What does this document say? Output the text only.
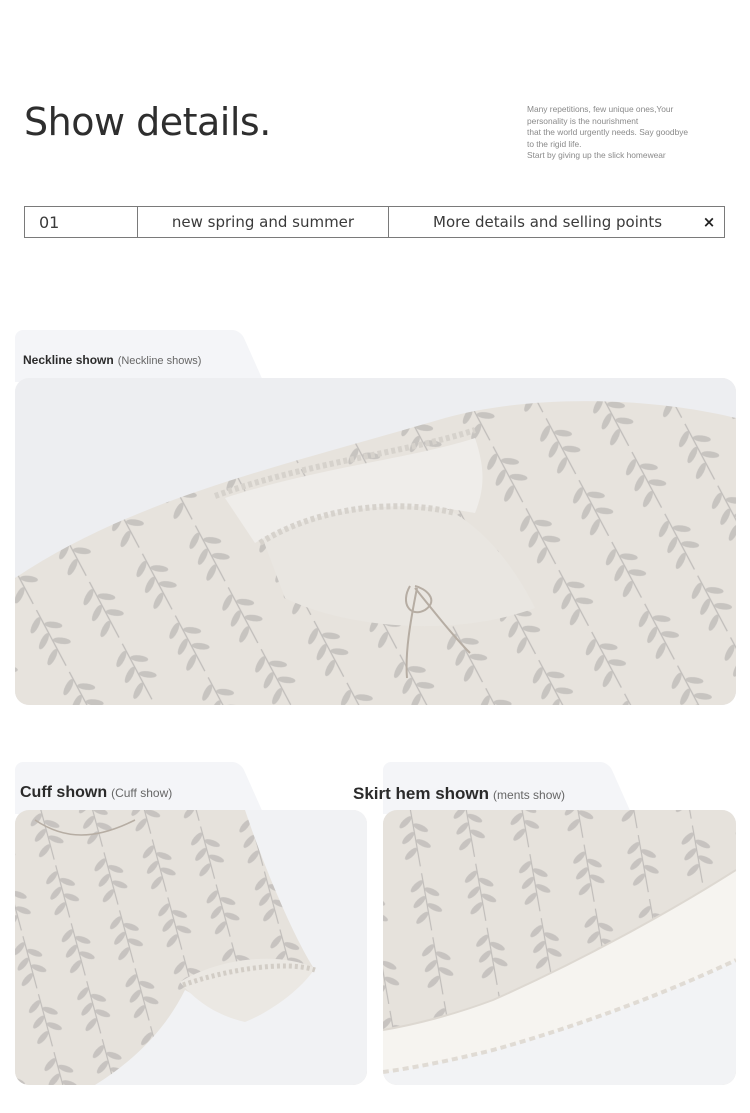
Show details.	Many repetitions, few unique ones,Your
personality is the nourishment
that the world urgently needs. Say goodbye
to the rigid life.
Start by giving up the slick homewear
01	new spring and summer	More details and selling points	×
Neckline shown (Neckline shows)
Cuff shown (Cuff show)	Skirt hem shown (ments show)
